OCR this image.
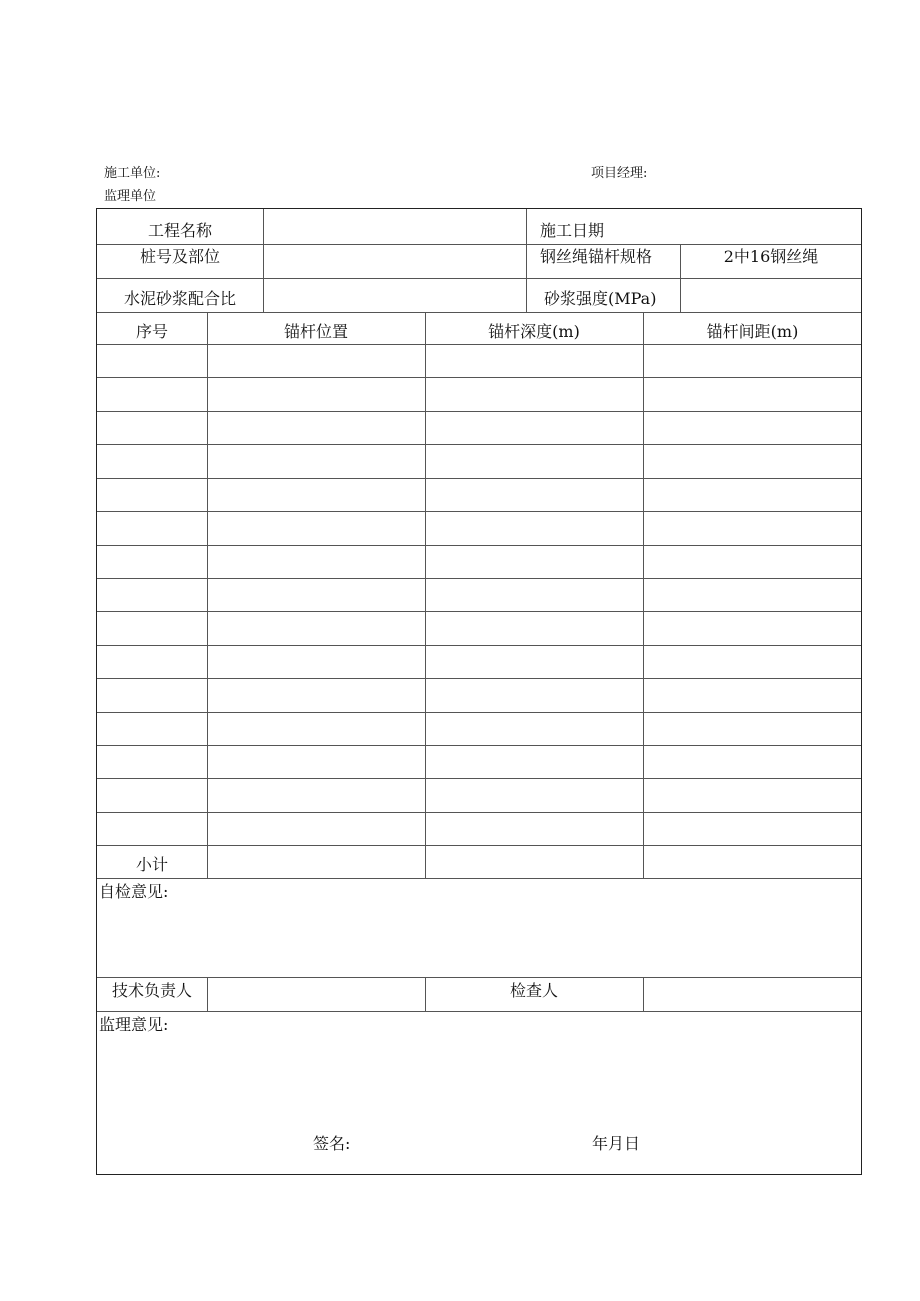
施工单位:	项目经理:
监理单位
工程名称	施工日期
桩号及部位	钢丝绳锚杆规格	2中16钢丝绳
水泥砂浆配合比	砂浆强度(MPa)
序号	锚杆位置	锚杆深度(m)	锚杆间距(m)
小计
自检意见:
技术负责人	检查人
监理意见:
签名:	年月日
